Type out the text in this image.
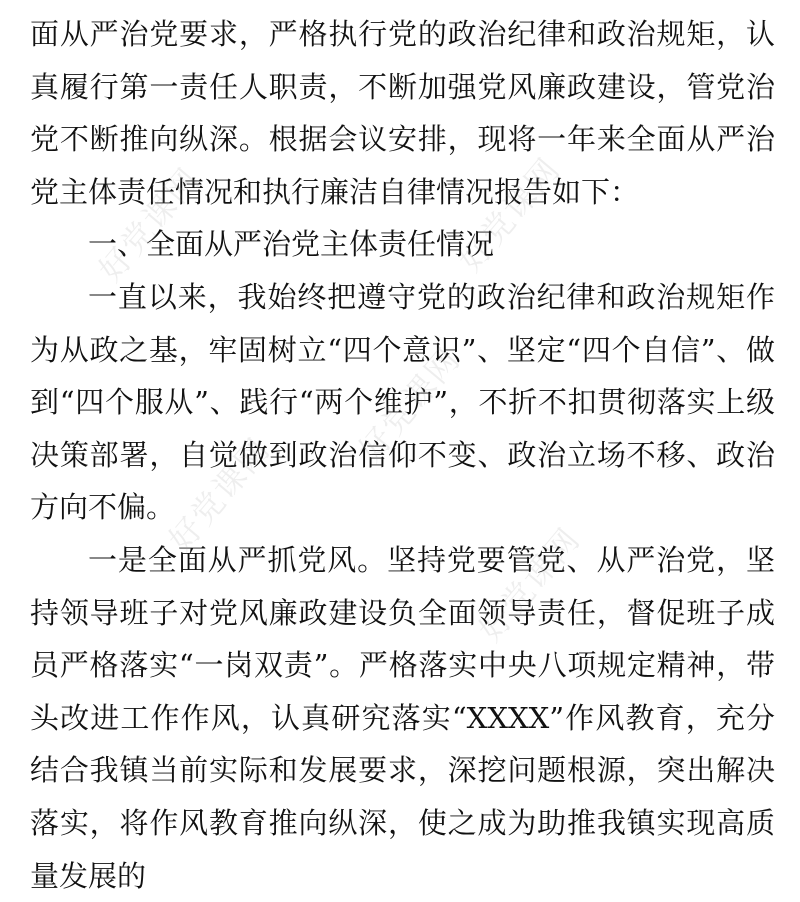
面从严治党要求，严格执行党的政治纪律和政治规矩，认真履行第一责任人职责，不断加强党风廉政建设，管党治党不断推向纵深。根据会议安排，现将一年来全面从严治党主体责任情况和执行廉洁自律情况报告如下：

一、全面从严治党主体责任情况

一直以来，我始终把遵守党的政治纪律和政治规矩作为从政之基，牢固树立“四个意识”、坚定“四个自信”、做到“四个服从”、践行“两个维护”，不折不扣贯彻落实上级决策部署，自觉做到政治信仰不变、政治立场不移、政治方向不偏。

一是全面从严抓党风。坚持党要管党、从严治党，坚持领导班子对党风廉政建设负全面领导责任，督促班子成员严格落实“一岗双责”。严格落实中央八项规定精神，带头改进工作作风，认真研究落实“XXXX”作风教育，充分结合我镇当前实际和发展要求，深挖问题根源，突出解决落实，将作风教育推向纵深，使之成为助推我镇实现高质量发展的

好党课网	好党课网
好党课网
好党课网
好党课网
